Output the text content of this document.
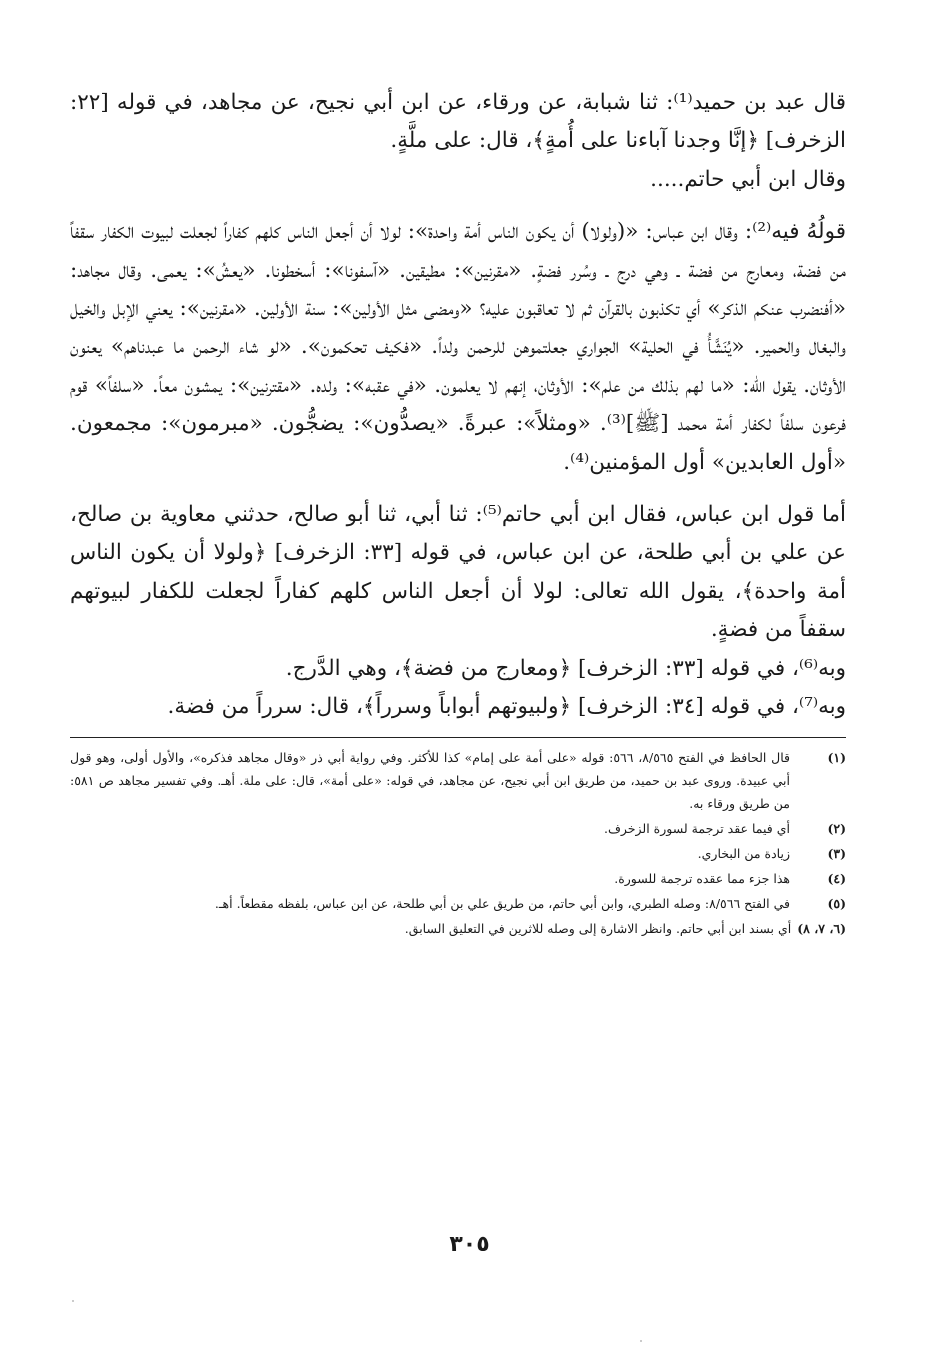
قال عبد بن حميد⁽¹⁾: ثنا شبابة، عن ورقاء، عن ابن أبي نجيح، عن مجاهد، في قوله [٢٢: الزخرف] ﴿إنَّا وجدنا آباءنا على أُمةٍ﴾، قال: على ملَّةٍ.

وقال ابن أبي حاتم.....

قولُهُ فيه⁽²⁾: وقال ابن عباس: «(ولولا) أن يكون الناس أمة واحدة»: لولا أن أجعل الناس كلهم كفاراً لجعلت لبيوت الكفار سقفاً من فضة، ومعارج من فضة ـ وهي درج ـ وسُرر فضةٍ. «مقرنين»: مطيقين. «آسفونا»: أسخطونا. «يعشُ»: يعمى. وقال مجاهد: «أفنضرب عنكم الذكر» أي تكذبون بالقرآن ثم لا تعاقبون عليه؟ «ومضى مثل الأولين»: سنة الأولين. «مقرنين»: يعني الإبل والخيل والبغال والحمير. «يُنَشَّأُ في الحلية» الجواري جعلتموهن للرحمن ولداً. «فكيف تحكمون». «لو شاء الرحمن ما عبدناهم» يعنون الأوثان. يقول الله: «ما لهم بذلك من علم»: الأوثان، إنهم لا يعلمون. «في عقبه»: ولده. «مقترنين»: يمشون معاً. «سلفاً» قوم فرعون سلفاً لكفار أمة محمد [ﷺ]⁽³⁾. «ومثلاً»: عبرةً. «يصدُّون»: يضجُّون. «مبرمون»: مجمعون. «أول العابدين» أول المؤمنين⁽⁴⁾.

أما قول ابن عباس، فقال ابن أبي حاتم⁽⁵⁾: ثنا أبي، ثنا أبو صالح، حدثني معاوية بن صالح، عن علي بن أبي طلحة، عن ابن عباس، في قوله [٣٣: الزخرف] ﴿ولولا أن يكون الناس أمة واحدة﴾، يقول الله تعالى: لولا أن أجعل الناس كلهم كفاراً لجعلت للكفار لبيوتهم سقفاً من فضةٍ.

وبه⁽⁶⁾، في قوله [٣٣: الزخرف] ﴿ومعارج من فضة﴾، وهي الدَّرج.

وبه⁽⁷⁾، في قوله [٣٤: الزخرف] ﴿ولبيوتهم أبواباً وسرراً﴾، قال: سرراً من فضة.

(١)
قال الحافظ في الفتح ٨/٥٦٥، ٥٦٦: قوله «على أمة على إمام» كذا للأكثر. وفي رواية أبي ذر «وقال مجاهد فذكره»، والأول أولى، وهو قول أبي عبيدة. وروى عبد بن حميد، من طريق ابن أبي نجيح، عن مجاهد، في قوله: «على أمة»، قال: على ملة. أهـ. وفي تفسير مجاهد ص ٥٨١: من طريق ورقاء به.
(٢)
أي فيما عقد ترجمة لسورة الزخرف.
(٣)
زيادة من البخاري.
(٤)
هذا جزء مما عقده ترجمة للسورة.
(٥)
في الفتح ٨/٥٦٦: وصله الطبري، وابن أبي حاتم، من طريق علي بن أبي طلحة، عن ابن عباس، بلفظه مقطعاً. أهـ.
(٦، ٧، ٨)
أي بسند ابن أبي حاتم. وانظر الاشارة إلى وصله للاثرين في التعليق السابق.
٣٠٥
